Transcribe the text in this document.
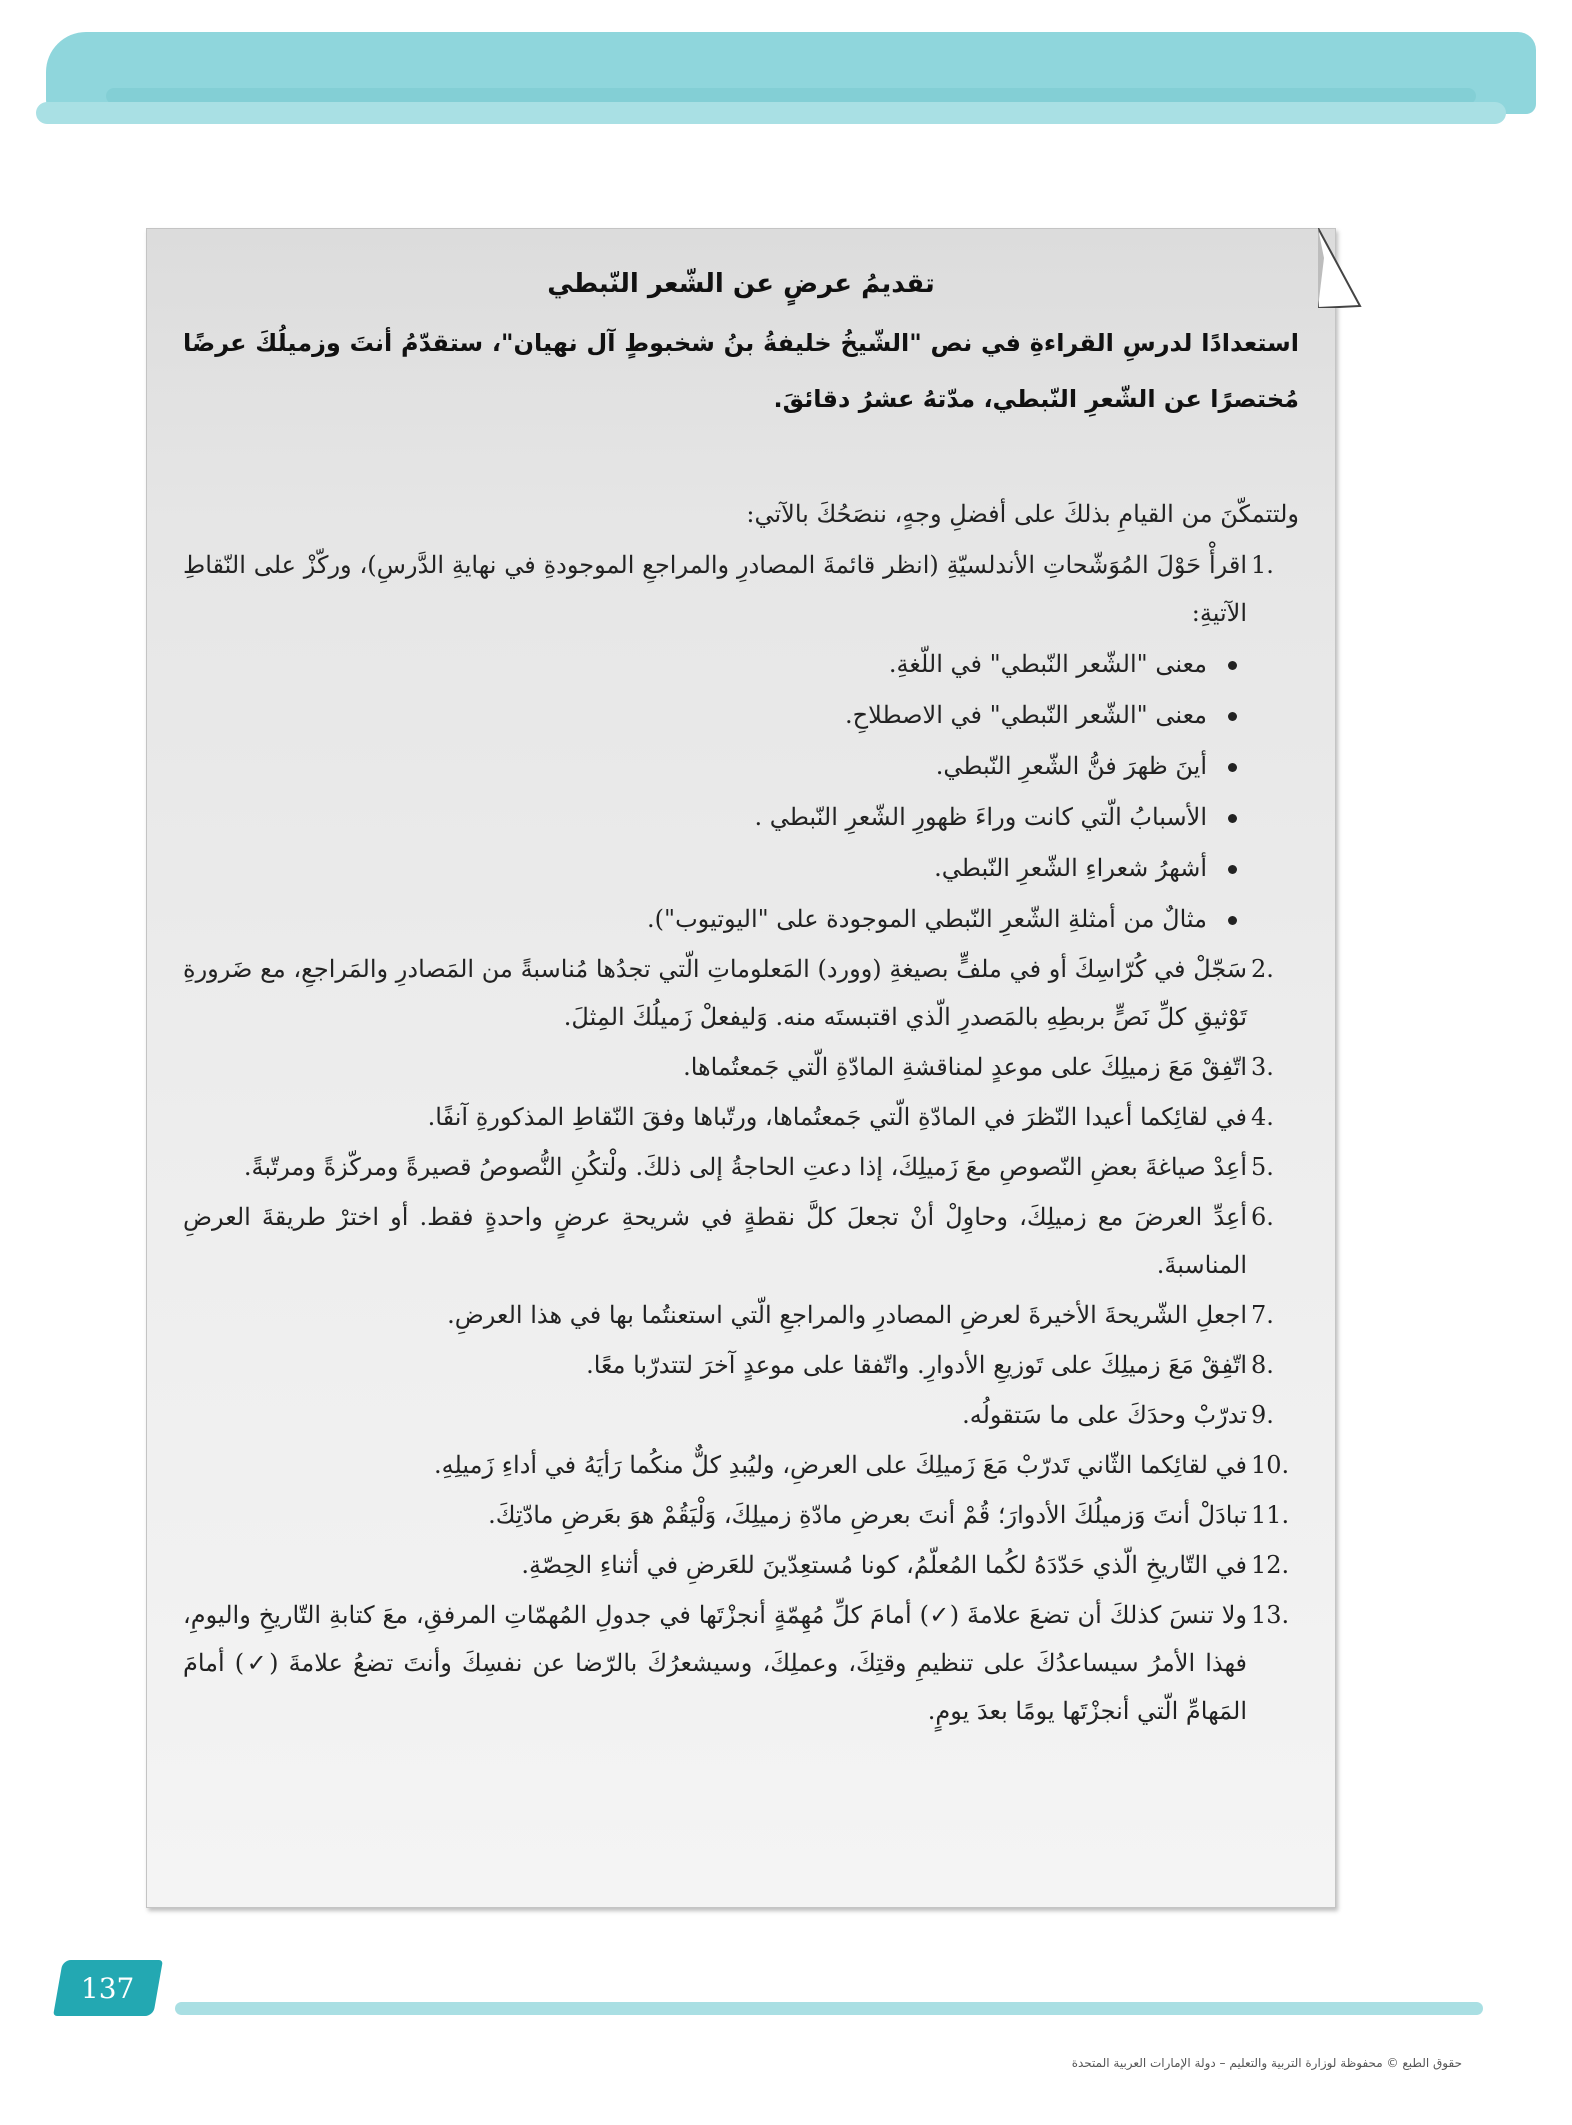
تقديمُ عرضٍ عن الشّعر النّبطي
استعدادًا لدرسِ القراءةِ في نص "الشّيخُ خليفةُ بنُ شخبوطٍ آل نهيان"، ستقدّمُ أنتَ وزميلُكَ عرضًا مُختصرًا عن الشّعرِ النّبطي، مدّتهُ عشرُ دقائقَ.
ولتتمكّنَ من القيامِ بذلكَ على أفضلِ وجهٍ، ننصَحُكَ بالآتي:
1.
اقرأْ حَوْلَ المُوَشّحاتِ الأندلسيّةِ (انظر قائمةَ المصادرِ والمراجعِ الموجودةِ في نهايةِ الدَّرسِ)، وركّزْ على النّقاطِ الآتيةِ:
معنى "الشّعر النّبطي" في اللّغةِ.
معنى "الشّعر النّبطي" في الاصطلاحِ.
أينَ ظهرَ فنُّ الشّعرِ النّبطي.
الأسبابُ الّتي كانت وراءَ ظهورِ الشّعرِ النّبطي .
أشهرُ شعراءِ الشّعرِ النّبطي.
مثالٌ من أمثلةِ الشّعرِ النّبطي الموجودة على "اليوتيوب").
2.
سَجّلْ في كُرّاسِكَ أو في ملفٍّ بصيغةِ (وورد) المَعلوماتِ الّتي تجدُها مُناسبةً من المَصادرِ والمَراجعِ، مع ضَرورةِ تَوْثيقِ كلِّ نَصٍّ بربطِهِ بالمَصدرِ الّذي اقتبستَه منه. وَليفعلْ زَميلُكَ المِثلَ.
3.
اتّفِقْ مَعَ زميلِكَ على موعدٍ لمناقشةِ المادّةِ الّتي جَمعتُماها.
4.
في لقائِكما أعيدا النّظرَ في المادّةِ الّتي جَمعتُماها، ورتّباها وفقَ النّقاطِ المذكورةِ آنفًا.
5.
أعِدْ صياغةَ بعضِ النّصوصِ معَ زَميلِكَ، إذا دعتِ الحاجةُ إلى ذلكَ. ولْتكُنِ النُّصوصُ قصيرةً ومركّزةً ومرتّبةً.
6.
أعِدِّ العرضَ مع زميلِكَ، وحاوِلْ أنْ تجعلَ كلَّ نقطةٍ في شريحةِ عرضٍ واحدةٍ فقط. أو اخترْ طريقةَ العرضِ المناسبةَ.
7.
اجعلِ الشّريحةَ الأخيرةَ لعرضِ المصادرِ والمراجعِ الّتي استعنتُما بها في هذا العرضِ.
8.
اتّفِقْ مَعَ زميلِكَ على تَوزيعِ الأدوارِ. واتّفقا على موعدٍ آخرَ لتتدرّبا معًا.
9.
تدرّبْ وحدَكَ على ما سَتقولُه.
10.
في لقائِكما الثّاني تَدرّبْ مَعَ زَميلِكَ على العرضِ، وليُبدِ كلٌّ منكُما رَأيَهُ في أداءِ زَميلِهِ.
11.
تبادَلْ أنتَ وَزميلُكَ الأدوارَ؛ قُمْ أنتَ بعرضِ مادّةِ زميلِكَ، وَلْيَقُمْ هوَ بعَرضِ مادّتِكَ.
12.
في التّاريخِ الّذي حَدّدَهُ لكُما المُعلّمُ، كونا مُستعِدّينَ للعَرضِ في أثناءِ الحِصّةِ.
13.
ولا تنسَ كذلكَ أن تضعَ علامةَ (✓) أمامَ كلِّ مُهِمّةٍ أنجزْتَها في جدولِ المُهمّاتِ المرفقِ، معَ كتابةِ التّاريخِ واليومِ، فهذا الأمرُ سيساعدُكَ على تنظيمِ وقتِكَ، وعملِكَ، وسيشعرُكَ بالرّضا عن نفسِكَ وأنتَ تضعُ علامةَ (✓) أمامَ المَهامِّ الّتي أنجزْتَها يومًا بعدَ يومٍ.
137
حقوق الطبع © محفوظة لوزارة التربية والتعليم – دولة الإمارات العربية المتحدة
